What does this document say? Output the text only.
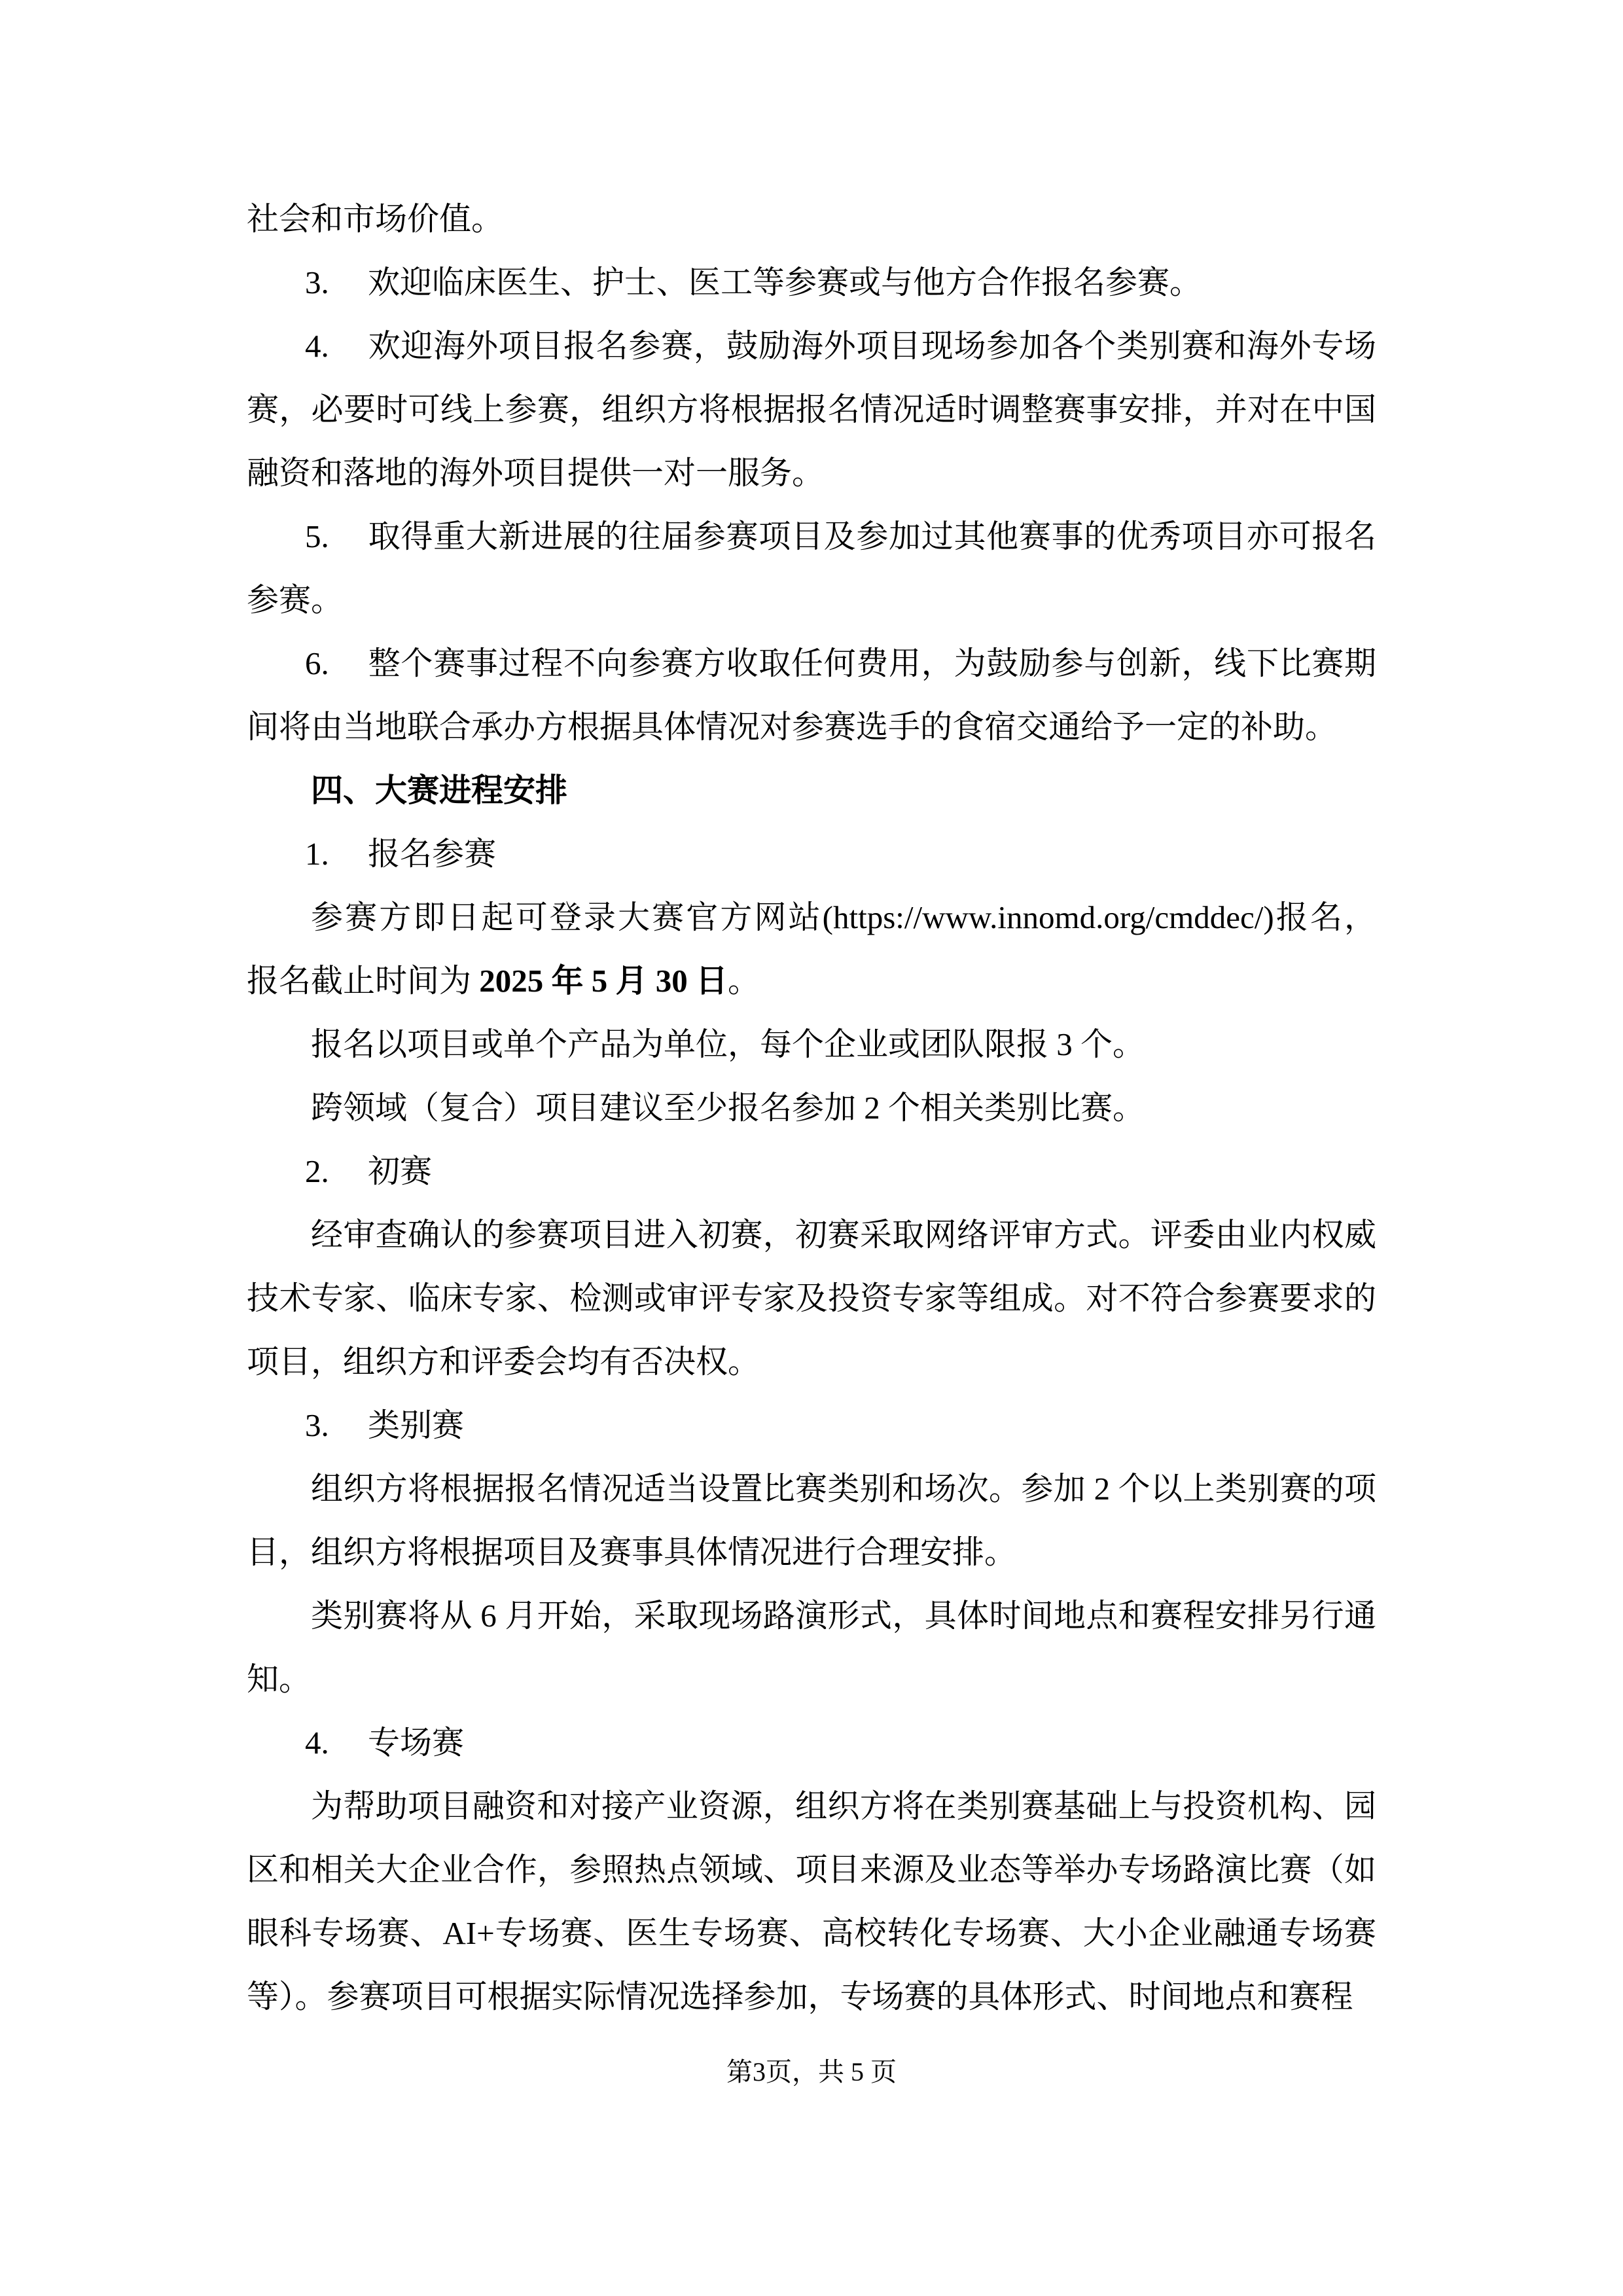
社会和市场价值。

3. 欢迎临床医生、护士、医工等参赛或与他方合作报名参赛。

4. 欢迎海外项目报名参赛，鼓励海外项目现场参加各个类别赛和海外专场赛，必要时可线上参赛，组织方将根据报名情况适时调整赛事安排，并对在中国融资和落地的海外项目提供一对一服务。

5. 取得重大新进展的往届参赛项目及参加过其他赛事的优秀项目亦可报名参赛。

6. 整个赛事过程不向参赛方收取任何费用，为鼓励参与创新，线下比赛期间将由当地联合承办方根据具体情况对参赛选手的食宿交通给予一定的补助。

四、大赛进程安排

1. 报名参赛

参赛方即日起可登录大赛官方网站(https://www.innomd.org/cmddec/)报名，

报名截止时间为 2025 年 5 月 30 日。

报名以项目或单个产品为单位，每个企业或团队限报 3 个。

跨领域（复合）项目建议至少报名参加 2 个相关类别比赛。

2. 初赛

经审查确认的参赛项目进入初赛，初赛采取网络评审方式。评委由业内权威技术专家、临床专家、检测或审评专家及投资专家等组成。对不符合参赛要求的项目，组织方和评委会均有否决权。

3. 类别赛

组织方将根据报名情况适当设置比赛类别和场次。参加 2 个以上类别赛的项目，组织方将根据项目及赛事具体情况进行合理安排。

类别赛将从 6 月开始，采取现场路演形式，具体时间地点和赛程安排另行通知。

4. 专场赛

为帮助项目融资和对接产业资源，组织方将在类别赛基础上与投资机构、园区和相关大企业合作，参照热点领域、项目来源及业态等举办专场路演比赛（如眼科专场赛、AI+专场赛、医生专场赛、高校转化专场赛、大小企业融通专场赛等）。参赛项目可根据实际情况选择参加，专场赛的具体形式、时间地点和赛程

第3页，共 5 页
